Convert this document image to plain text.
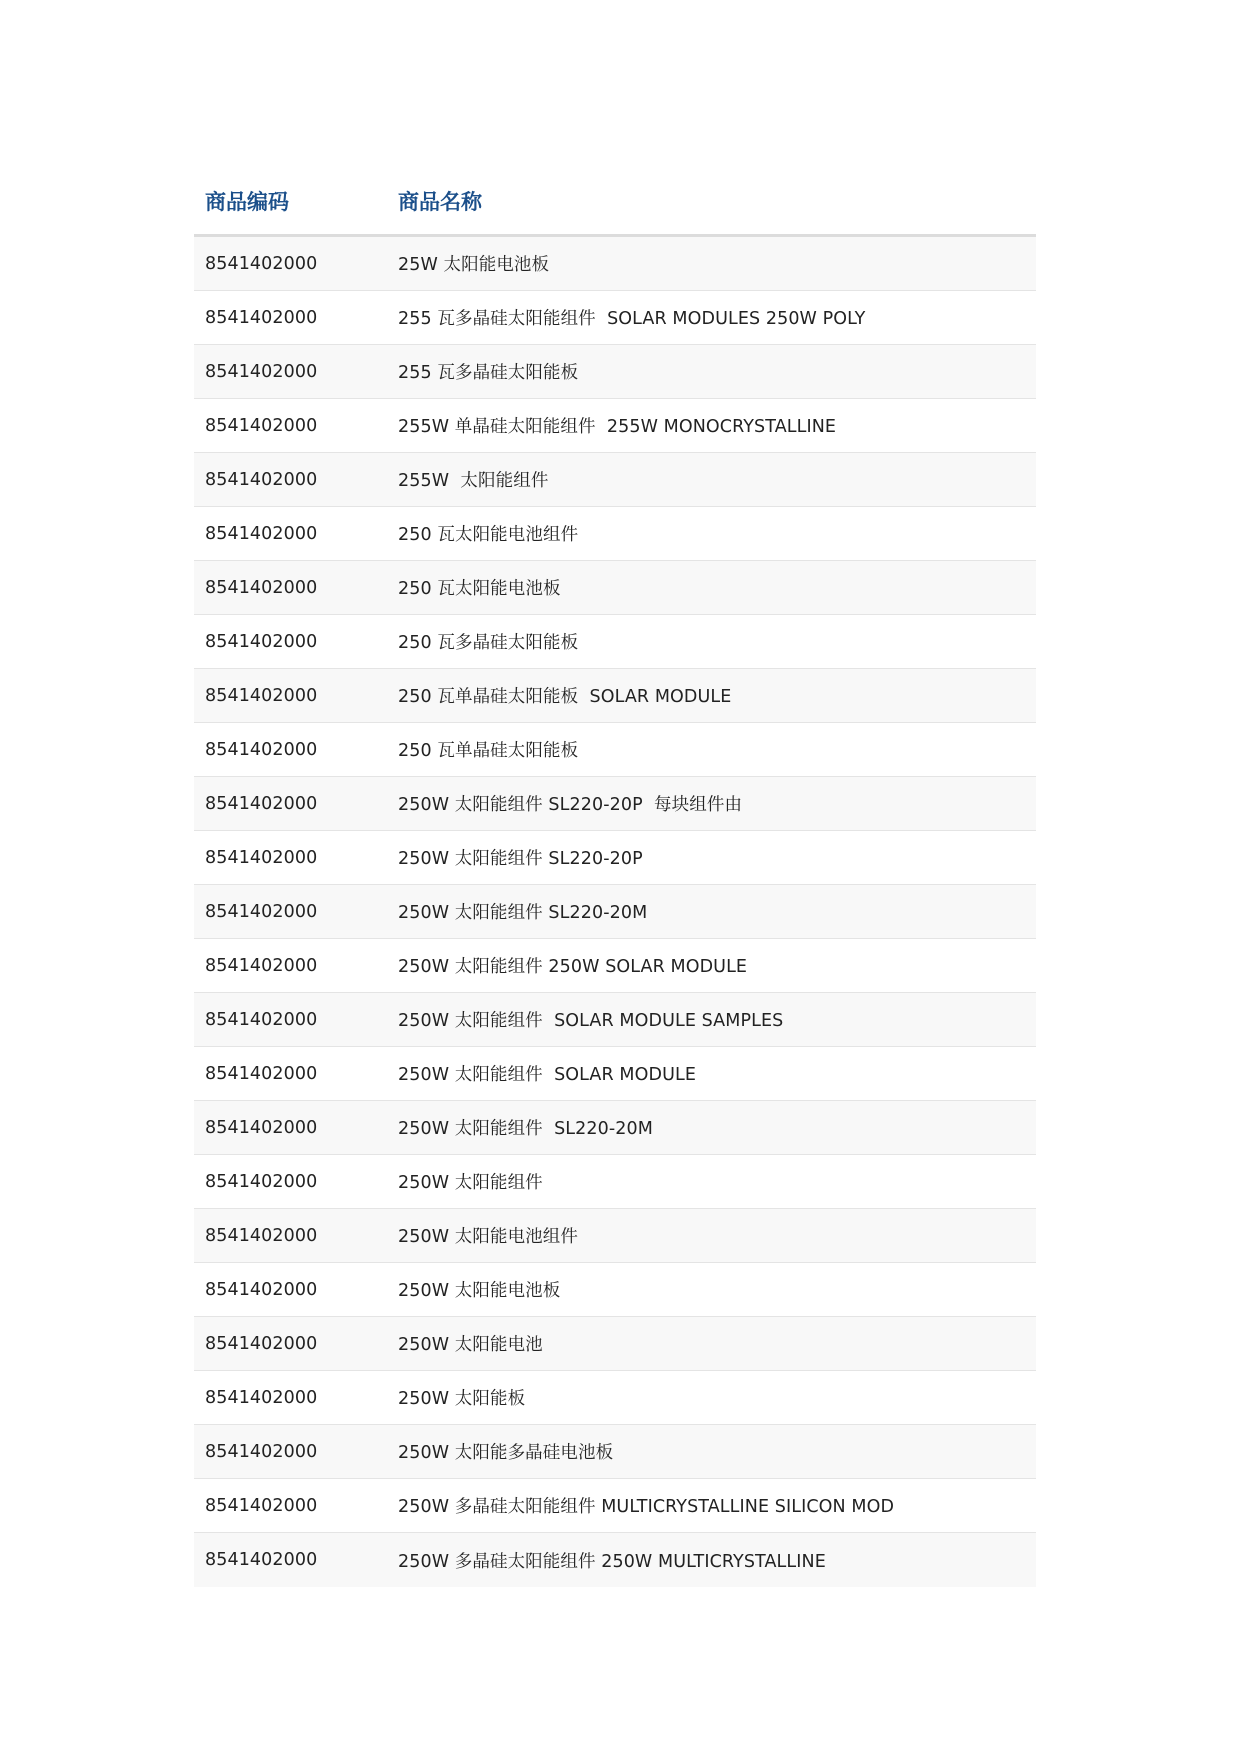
商品编码	商品名称
8541402000	25W 太阳能电池板
8541402000	255 瓦多晶硅太阳能组件  SOLAR MODULES 250W POLY
8541402000	255 瓦多晶硅太阳能板
8541402000	255W 单晶硅太阳能组件  255W MONOCRYSTALLINE
8541402000	255W  太阳能组件
8541402000	250 瓦太阳能电池组件
8541402000	250 瓦太阳能电池板
8541402000	250 瓦多晶硅太阳能板
8541402000	250 瓦单晶硅太阳能板  SOLAR MODULE
8541402000	250 瓦单晶硅太阳能板
8541402000	250W 太阳能组件 SL220-20P  每块组件由
8541402000	250W 太阳能组件 SL220-20P
8541402000	250W 太阳能组件 SL220-20M
8541402000	250W 太阳能组件 250W SOLAR MODULE
8541402000	250W 太阳能组件  SOLAR MODULE SAMPLES
8541402000	250W 太阳能组件  SOLAR MODULE
8541402000	250W 太阳能组件  SL220-20M
8541402000	250W 太阳能组件
8541402000	250W 太阳能电池组件
8541402000	250W 太阳能电池板
8541402000	250W 太阳能电池
8541402000	250W 太阳能板
8541402000	250W 太阳能多晶硅电池板
8541402000	250W 多晶硅太阳能组件 MULTICRYSTALLINE SILICON MOD
8541402000	250W 多晶硅太阳能组件 250W MULTICRYSTALLINE
